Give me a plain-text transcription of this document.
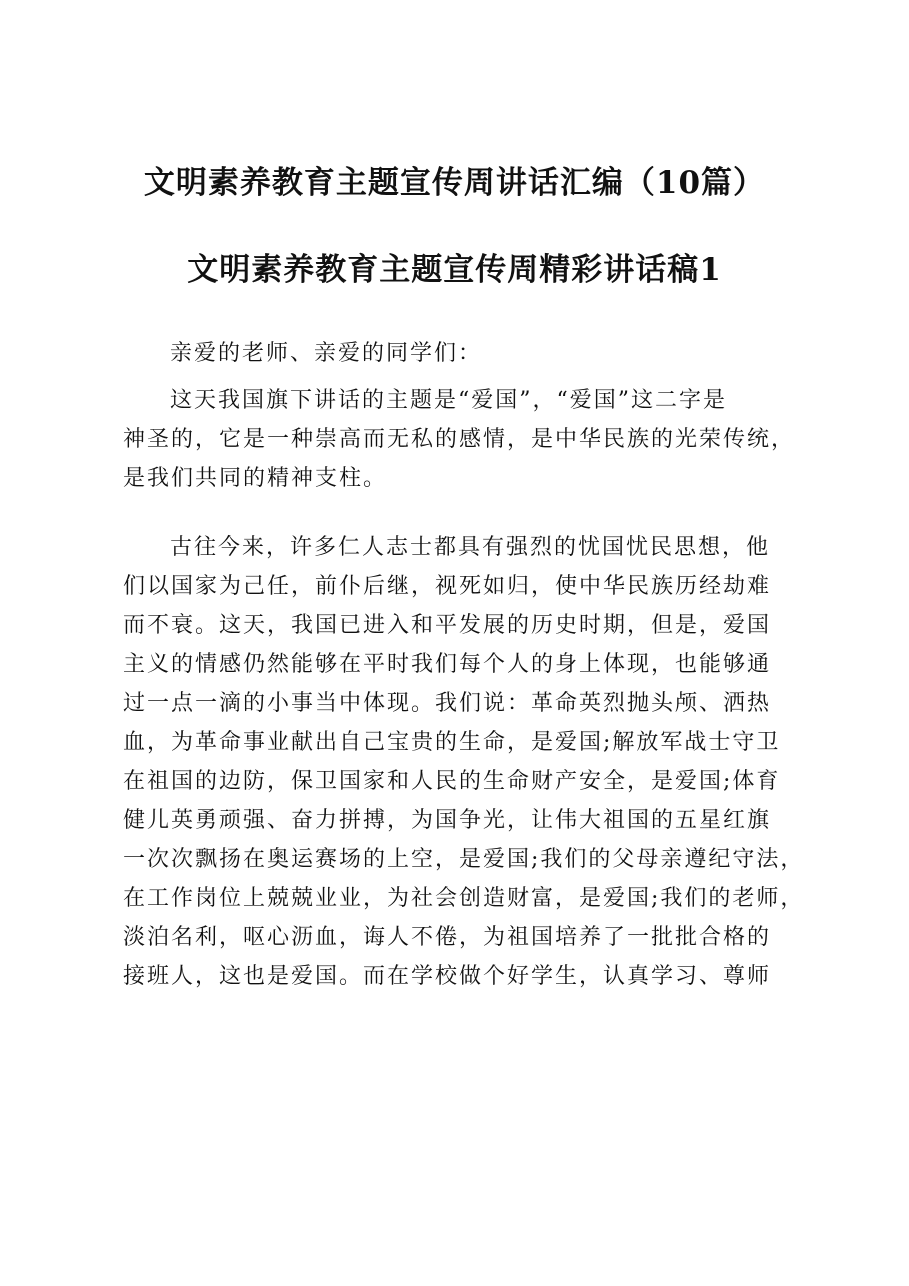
文明素养教育主题宣传周讲话汇编（10篇）
文明素养教育主题宣传周精彩讲话稿1
亲爱的老师、亲爱的同学们：
这天我国旗下讲话的主题是“爱国”，“爱国”这二字是
神圣的，它是一种崇高而无私的感情，是中华民族的光荣传统，
是我们共同的精神支柱。
古往今来，许多仁人志士都具有强烈的忧国忧民思想，他
们以国家为己任，前仆后继，视死如归，使中华民族历经劫难
而不衰。这天，我国已进入和平发展的历史时期，但是，爱国
主义的情感仍然能够在平时我们每个人的身上体现，也能够通
过一点一滴的小事当中体现。我们说：革命英烈抛头颅、洒热
血，为革命事业献出自己宝贵的生命，是爱国;解放军战士守卫
在祖国的边防，保卫国家和人民的生命财产安全，是爱国;体育
健儿英勇顽强、奋力拼搏，为国争光，让伟大祖国的五星红旗
一次次飘扬在奥运赛场的上空，是爱国;我们的父母亲遵纪守法，
在工作岗位上兢兢业业，为社会创造财富，是爱国;我们的老师，
淡泊名利，呕心沥血，诲人不倦，为祖国培养了一批批合格的
接班人，这也是爱国。而在学校做个好学生，认真学习、尊师
